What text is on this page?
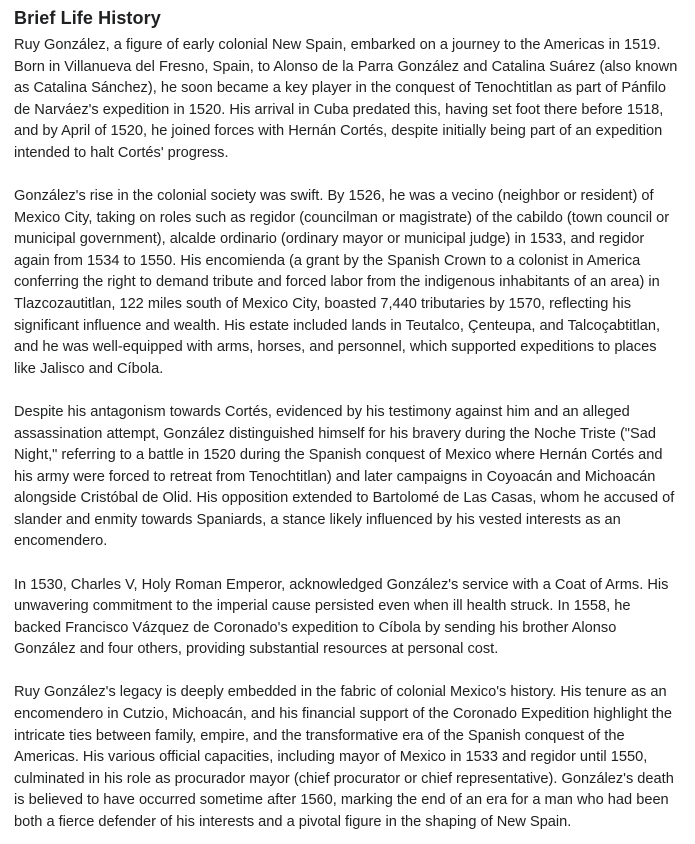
Brief Life History

Ruy González, a figure of early colonial New Spain, embarked on a journey to the Americas in 1519. Born in Villanueva del Fresno, Spain, to Alonso de la Parra González and Catalina Suárez (also known as Catalina Sánchez), he soon became a key player in the conquest of Tenochtitlan as part of Pánfilo de Narváez's expedition in 1520. His arrival in Cuba predated this, having set foot there before 1518, and by April of 1520, he joined forces with Hernán Cortés, despite initially being part of an expedition intended to halt Cortés' progress.

González's rise in the colonial society was swift. By 1526, he was a vecino (neighbor or resident) of Mexico City, taking on roles such as regidor (councilman or magistrate) of the cabildo (town council or municipal government), alcalde ordinario (ordinary mayor or municipal judge) in 1533, and regidor again from 1534 to 1550. His encomienda (a grant by the Spanish Crown to a colonist in America conferring the right to demand tribute and forced labor from the indigenous inhabitants of an area) in Tlazcozautitlan, 122 miles south of Mexico City, boasted 7,440 tributaries by 1570, reflecting his significant influence and wealth. His estate included lands in Teutalco, Çenteupa, and Talcoçabtitlan, and he was well-equipped with arms, horses, and personnel, which supported expeditions to places like Jalisco and Cíbola.

Despite his antagonism towards Cortés, evidenced by his testimony against him and an alleged assassination attempt, González distinguished himself for his bravery during the Noche Triste ("Sad Night," referring to a battle in 1520 during the Spanish conquest of Mexico where Hernán Cortés and his army were forced to retreat from Tenochtitlan) and later campaigns in Coyoacán and Michoacán alongside Cristóbal de Olid. His opposition extended to Bartolomé de Las Casas, whom he accused of slander and enmity towards Spaniards, a stance likely influenced by his vested interests as an encomendero.

In 1530, Charles V, Holy Roman Emperor, acknowledged González's service with a Coat of Arms. His unwavering commitment to the imperial cause persisted even when ill health struck. In 1558, he backed Francisco Vázquez de Coronado's expedition to Cíbola by sending his brother Alonso González and four others, providing substantial resources at personal cost.

Ruy González's legacy is deeply embedded in the fabric of colonial Mexico's history. His tenure as an encomendero in Cutzio, Michoacán, and his financial support of the Coronado Expedition highlight the intricate ties between family, empire, and the transformative era of the Spanish conquest of the Americas. His various official capacities, including mayor of Mexico in 1533 and regidor until 1550, culminated in his role as procurador mayor (chief procurator or chief representative). González's death is believed to have occurred sometime after 1560, marking the end of an era for a man who had been both a fierce defender of his interests and a pivotal figure in the shaping of New Spain.
